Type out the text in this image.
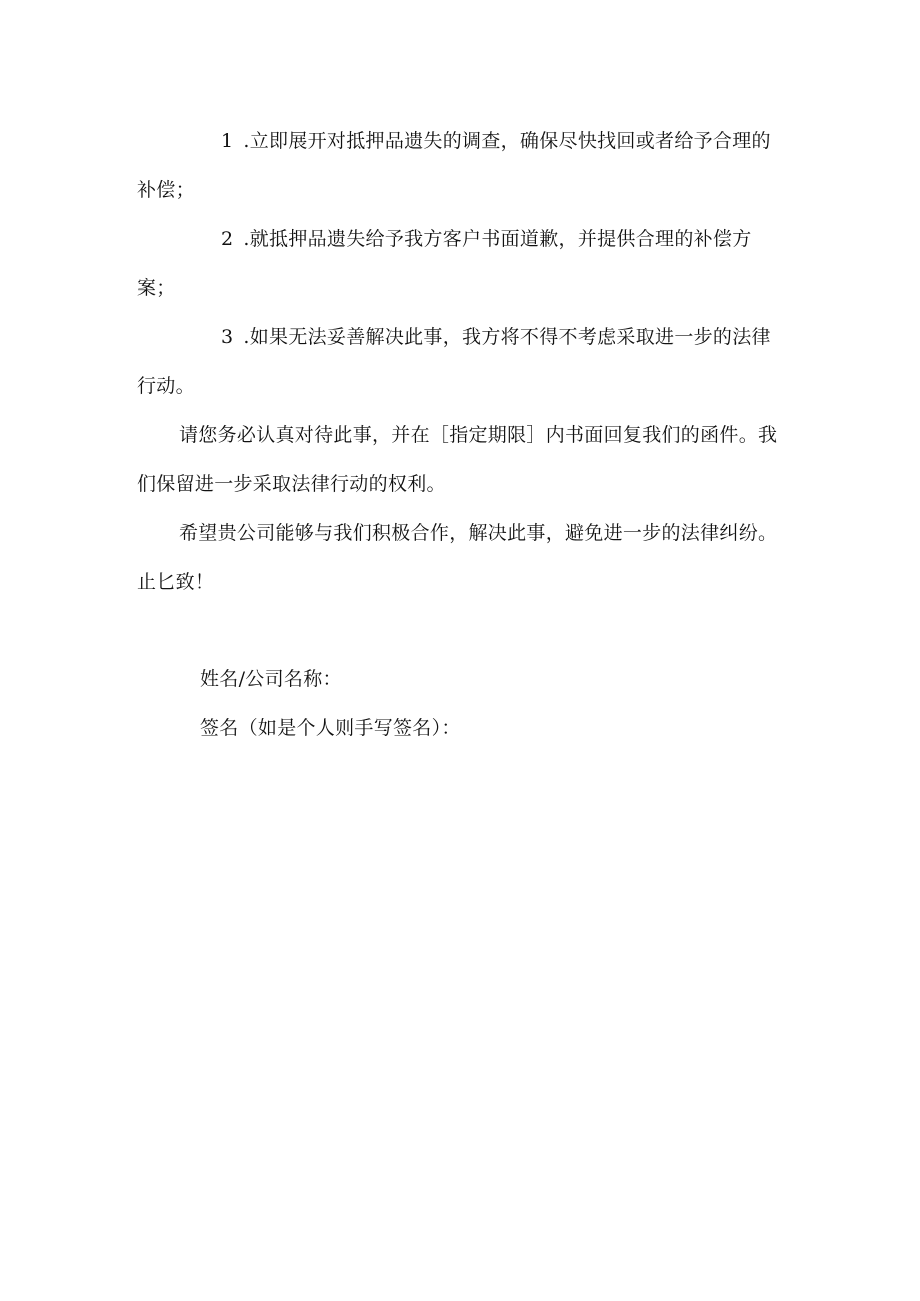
1 .立即展开对抵押品遗失的调查，确保尽快找回或者给予合理的补偿；

2 .就抵押品遗失给予我方客户书面道歉，并提供合理的补偿方案；

3 .如果无法妥善解决此事，我方将不得不考虑采取进一步的法律行动。

请您务必认真对待此事，并在［指定期限］内书面回复我们的函件。我们保留进一步采取法律行动的权利。

希望贵公司能够与我们积极合作，解决此事，避免进一步的法律纠纷。

止匕致！

姓名/公司名称：

签名（如是个人则手写签名）：
